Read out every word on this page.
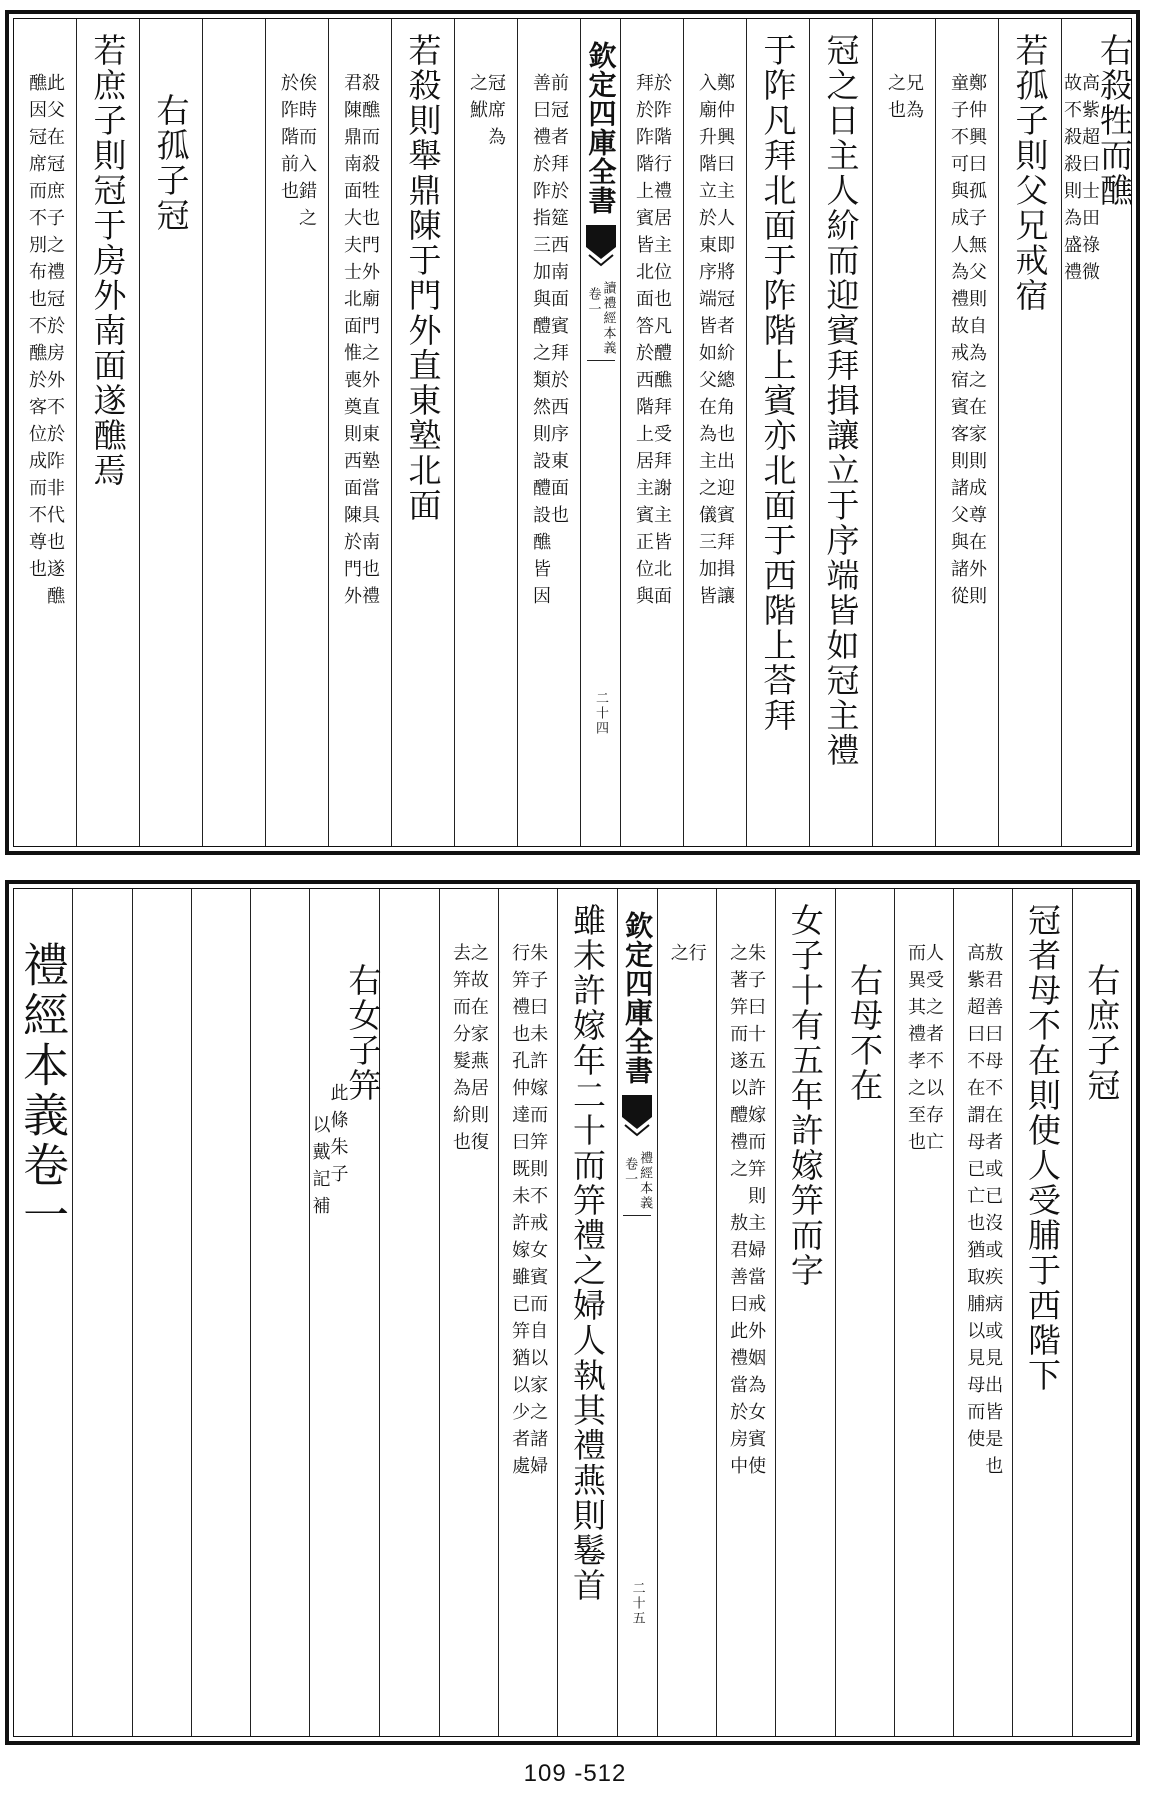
右殺牲而醮
高紫超曰士田祿微
故不殺殺則為盛禮
若孤子則父兄戒宿
鄭仲興曰孤子無父則自為之在家則成尊在外則
童子不可與成人為禮故戒宿賓客則諸父與諸從
兄為
之也
冠之日主人紒而迎賓拜揖讓立于序端皆如冠主禮
于阼凡拜北面于阼階上賓亦北面于西階上荅拜
鄭仲興曰主人即將冠者紒總角也出迎賓拜揖讓
入廟升階立於東序端皆如父在為主之儀三加皆
於阼階行禮居主位也凡醴醮拜受拜謝主皆北面
拜於阼階上賓皆北面答於西階上居主賓正位與
欽定四庫全書
讀禮經本義
卷一
二十四
前冠者拜於筵西南面賓拜於西序東面也
善曰禮於阼指三加與醴之類然則設醴設醮皆因
冠席為
之鮲
若殺則舉鼎陳于門外直東塾北面
殺醮而殺牲也門外廟門之外直東塾當具南也禮
君陳鼎南面大夫士北面惟喪奠則西面陳於門外
俟時而入錯之
於阼階前也
右孤子冠
若庶子則冠于房外南面遂醮焉
此父在冠庶子之禮冠於房外不於阼非代也遂醮
醮因冠席而不別布也不醮於客位成而不尊也
右庶子冠
冠者母不在則使人受脯于西階下
敖君善曰母不在者或已沒或疾病或見出皆是也
高紫超曰不在謂母已亡也猶取脯以見母而使
人受之者不以存亡
而異其禮孝之至也
右母不在
女子十有五年許嫁笄而字
朱子曰十五許嫁而笄則主婦當戒外姻為女賓使
之著笄而遂以醴禮之　敖君善曰此禮當於房中
行
之
欽定四庫全書
禮經本義
卷一
二十五
雖未許嫁年二十而笄禮之婦人執其禮燕則鬈首
朱子曰未許嫁而笄則不戒女賓而自以家之諸婦
行笄禮也孔仲達曰既未許嫁雖已笄猶以少者處
之故在家燕居則復
去笄而分髮為紒也
右女子笄
此條朱子
以戴記補
禮經本義卷一
109 -512
